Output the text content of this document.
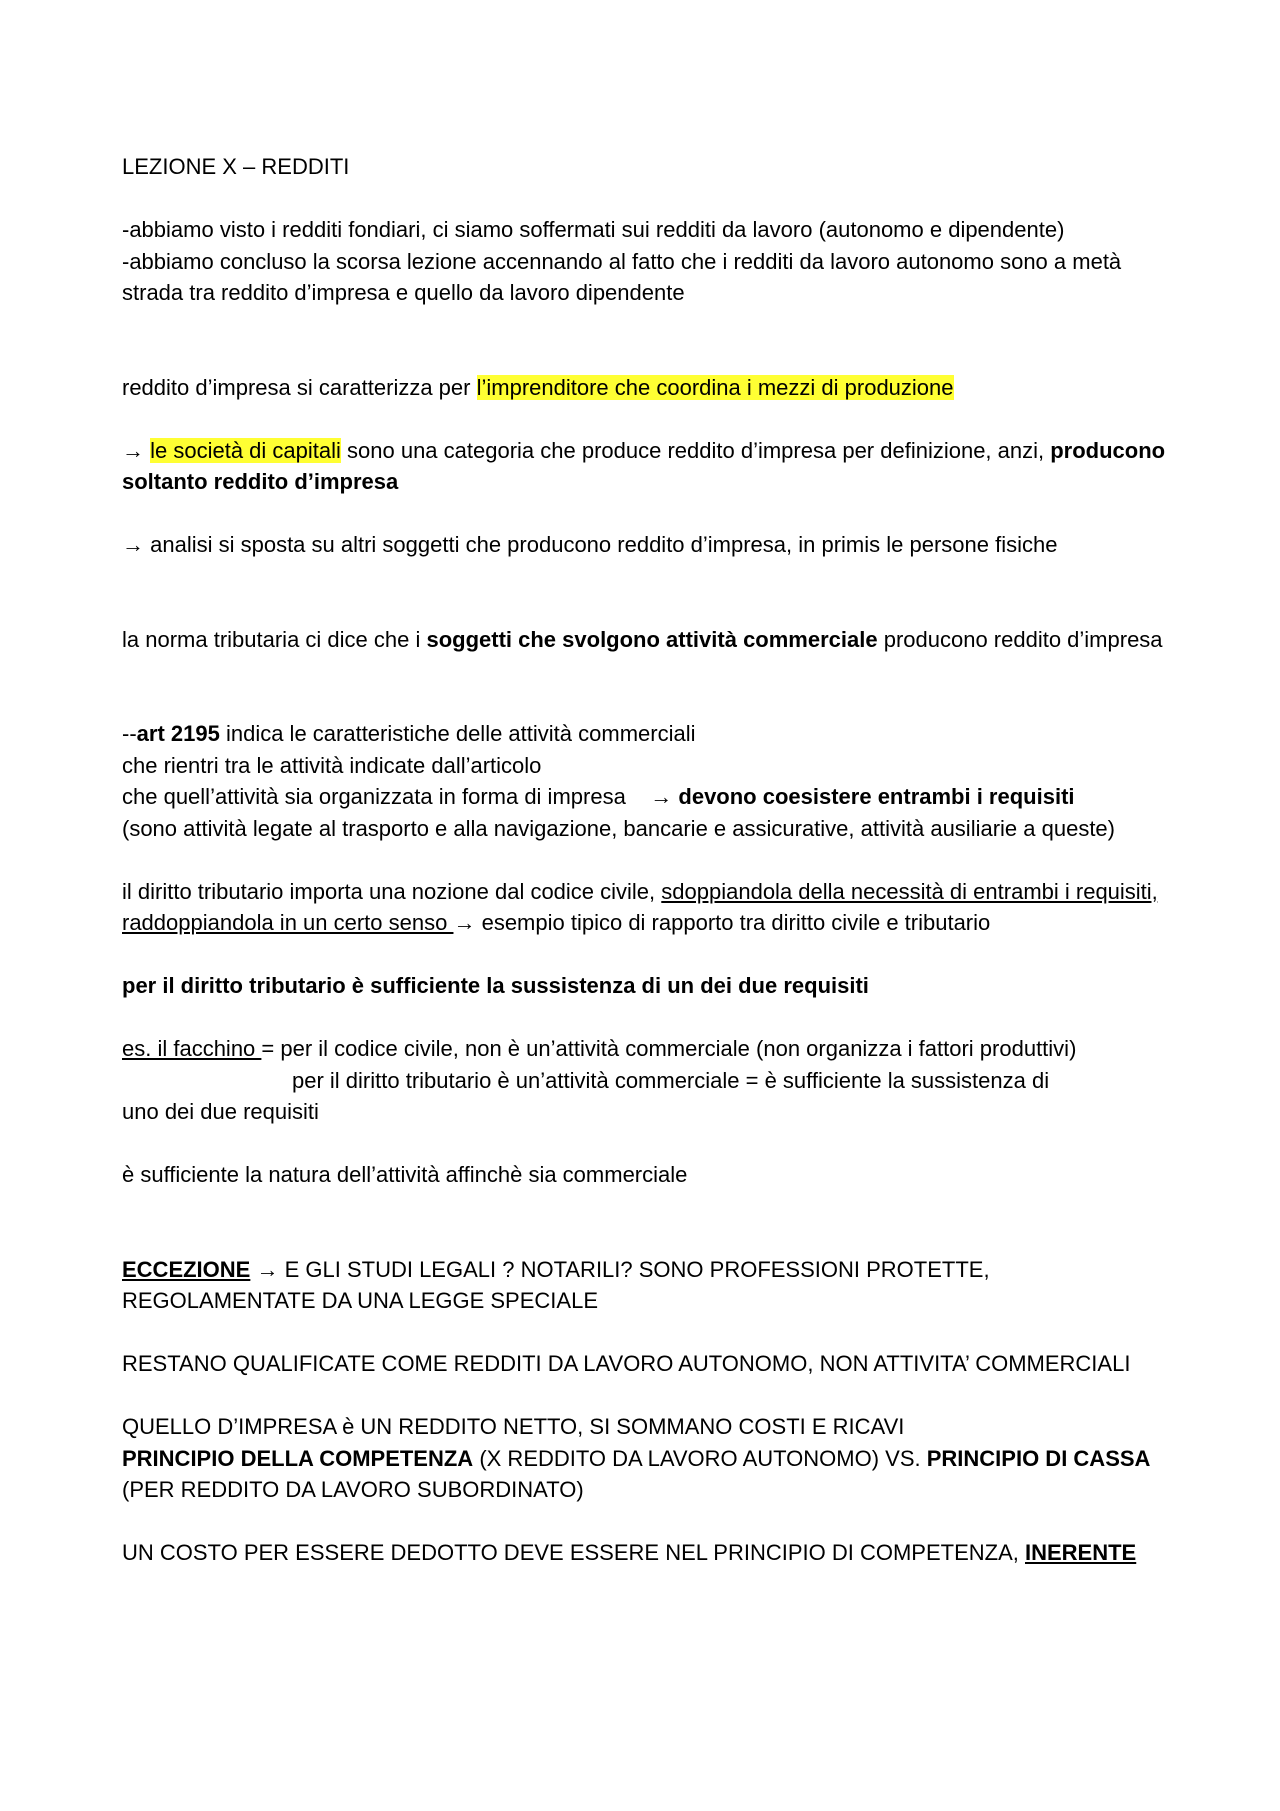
LEZIONE X – REDDITI

-abbiamo visto i redditi fondiari, ci siamo soffermati sui redditi da lavoro (autonomo e dipendente)
-abbiamo concluso la scorsa lezione accennando al fatto che i redditi da lavoro autonomo sono a metà strada tra reddito d’impresa e quello da lavoro dipendente

reddito d’impresa si caratterizza per l’imprenditore che coordina i mezzi di produzione

→ le società di capitali sono una categoria che produce reddito d’impresa per definizione, anzi, producono soltanto reddito d’impresa

→ analisi si sposta su altri soggetti che producono reddito d’impresa, in primis le persone fisiche

la norma tributaria ci dice che i soggetti che svolgono attività commerciale producono reddito d’impresa

--art 2195 indica le caratteristiche delle attività commerciali
che rientri tra le attività indicate dall’articolo
che quell’attività sia organizzata in forma di impresa → devono coesistere entrambi i requisiti
(sono attività legate al trasporto e alla navigazione, bancarie e assicurative, attività ausiliarie a queste)

il diritto tributario importa una nozione dal codice civile, sdoppiandola della necessità di entrambi i requisiti, raddoppiandola in un certo senso → esempio tipico di rapporto tra diritto civile e tributario

per il diritto tributario è sufficiente la sussistenza di un dei due requisiti

es. il facchino = per il codice civile, non è un’attività commerciale (non organizza i fattori produttivi)
per il diritto tributario è un’attività commerciale = è sufficiente la sussistenza di
uno dei due requisiti

è sufficiente la natura dell’attività affinchè sia commerciale

ECCEZIONE → E GLI STUDI LEGALI ? NOTARILI? SONO PROFESSIONI PROTETTE, REGOLAMENTATE DA UNA LEGGE SPECIALE

RESTANO QUALIFICATE COME REDDITI DA LAVORO AUTONOMO, NON ATTIVITA’ COMMERCIALI

QUELLO D’IMPRESA è UN REDDITO NETTO, SI SOMMANO COSTI E RICAVI
PRINCIPIO DELLA COMPETENZA (X REDDITO DA LAVORO AUTONOMO) VS. PRINCIPIO DI CASSA (PER REDDITO DA LAVORO SUBORDINATO)

UN COSTO PER ESSERE DEDOTTO DEVE ESSERE NEL PRINCIPIO DI COMPETENZA, INERENTE
